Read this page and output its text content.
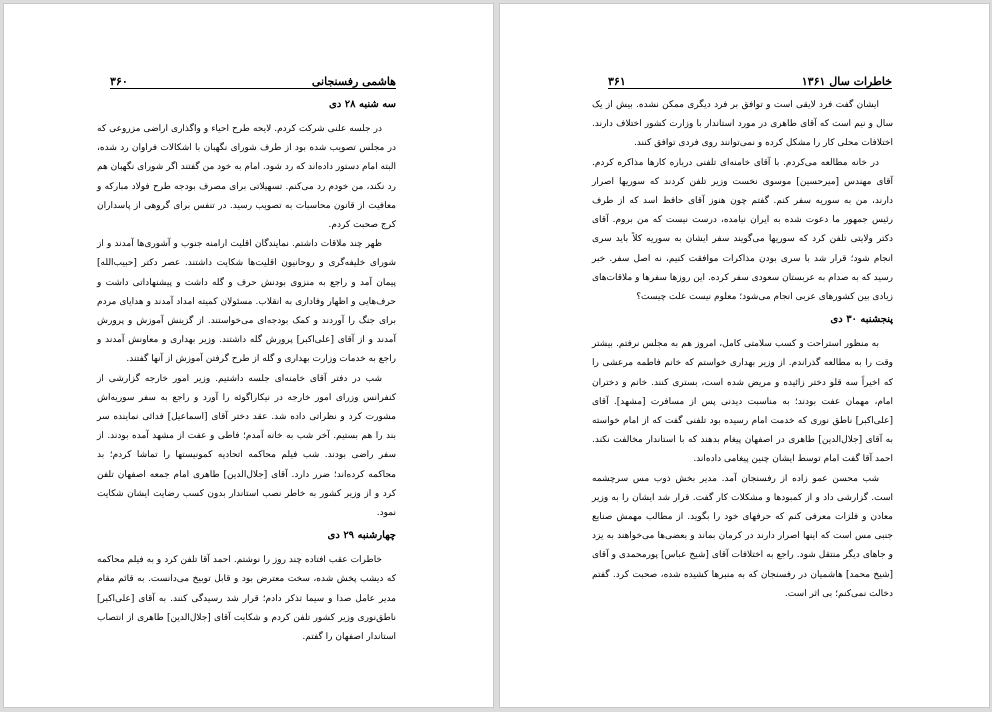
۳۶۰	هاشمی رفسنجانی
سه شنبه ۲۸ دی

در جلسه علنی شرکت کردم. لایحه طرح احیاء و واگذاری اراضی مزروعی که در مجلس تصویب شده بود از طرف شورای نگهبان با اشکالات فراوان رد شده، البته امام دستور داده‌اند که رد شود. امام به خود من گفتند اگر شورای نگهبان هم رد نکند، من خودم رد می‌کنم. تسهیلاتی برای مصرف بودجه طرح فولاد مبارکه و معافیت از قانون محاسبات به تصویب رسید. در تنفس برای گروهی از پاسداران کرج صحبت کردم.

ظهر چند ملاقات داشتم. نمایندگان اقلیت ارامنه جنوب و آشوری‌ها آمدند و از شورای خلیفه‌گری و روحانیون اقلیت‌ها شکایت داشتند. عصر دکتر [حبیب‌الله] پیمان آمد و راجع به منزوی بودنش حرف و گله داشت و پیشنهاداتی داشت و حرف‌هایی و اظهار وفاداری به انقلاب. مسئولان کمیته امداد آمدند و هدایای مردم برای جنگ را آوردند و کمک بودجه‌ای می‌خواستند. از گزینش آموزش و پرورش آمدند و از آقای [علی‌اکبر] پرورش گله داشتند. وزیر بهداری و معاونش آمدند و راجع به خدمات وزارت بهداری و گله از طرح گرفتن آموزش از آنها گفتند.

شب در دفتر آقای خامنه‌ای جلسه داشتیم. وزیر امور خارجه گزارشی از کنفرانس وزرای امور خارجه در نیکاراگوئه را آورد و راجع به سفر سوریه‌اش مشورت کرد و نظراتی داده شد. عقد دختر آقای [اسماعیل] فدائی نماینده سر بند را هم بستیم. آخر شب به خانه آمدم؛ فاطی و عفت از مشهد آمده بودند. از سفر راضی بودند. شب فیلم محاکمه اتحادیه کمونیستها را تماشا کردم؛ بد محاکمه کرده‌اند؛ ضرر دارد. آقای [جلال‌الدین] طاهری امام جمعه اصفهان تلفن کرد و از وزیر کشور به خاطر نصب استاندار بدون کسب رضایت ایشان شکایت نمود.

چهارشنبه ۲۹ دی

خاطرات عقب افتاده چند روز را نوشتم. احمد آقا تلفن کرد و به فیلم محاکمه که دیشب پخش شده، سخت معترض بود و قابل توبیخ می‌دانست. به قائم مقام مدیر عامل صدا و سیما تذکر دادم؛ قرار شد رسیدگی کنند. به آقای [علی‌اکبر] ناطق‌نوری وزیر کشور تلفن کردم و شکایت آقای [جلال‌الدین] طاهری از انتصاب استاندار اصفهان را گفتم.

۳۶۱	خاطرات سال ۱۳۶۱

ایشان گفت فرد لایقی است و توافق بر فرد دیگری ممکن نشده. بیش از یک سال و نیم است که آقای طاهری در مورد استاندار با وزارت کشور اختلاف دارند. اختلافات محلی کار را مشکل کرده و نمی‌توانند روی فردی توافق کنند.

در خانه مطالعه می‌کردم. با آقای خامنه‌ای تلفنی درباره کارها مذاکره کردم. آقای مهندس [میرحسین] موسوی نخست وزیر تلفن کردند که سوریها اصرار دارند، من به سوریه سفر کنم. گفتم چون هنوز آقای حافظ اسد که از طرف رئیس جمهور ما دعوت شده به ایران نیامده، درست نیست که من بروم. آقای دکتر ولایتی تلفن کرد که سوریها می‌گویند سفر ایشان به سوریه کلاً باید سری انجام شود؛ قرار شد با سری بودن مذاکرات موافقت کنیم، نه اصل سفر. خبر رسید که به صدام به عربستان سعودی سفر کرده. این روزها سفرها و ملاقات‌های زیادی بین کشورهای عربی انجام می‌شود؛ معلوم نیست علت چیست؟

پنجشنبه ۳۰ دی

به منظور استراحت و کسب سلامتی کامل، امروز هم به مجلس نرفتم. بیشتر وقت را به مطالعه گذراندم. از وزیر بهداری خواستم که خانم فاطمه مرعشی را که اخیراً سه قلو دختر زائیده و مریض شده است، بستری کنند. خانم و دختران امام، مهمان عفت بودند؛ به مناسبت دیدنی پس از مسافرت [مشهد]. آقای [علی‌اکبر] ناطق نوری که خدمت امام رسیده بود تلفنی گفت که از امام خواسته به آقای [جلال‌الدین] طاهری در اصفهان پیغام بدهند که با استاندار مخالفت نکند. احمد آقا گفت امام توسط ایشان چنین پیغامی داده‌اند.

شب محسن عمو زاده از رفسنجان آمد. مدیر بخش ذوب مس سرچشمه است. گزارشی داد و از کمبودها و مشکلات کار گفت. قرار شد ایشان را به وزیر معادن و فلزات معرفی کنم که حرفهای خود را بگوید. از مطالب مهمش صنایع جنبی مس است که اینها اصرار دارند در کرمان بماند و بعضی‌ها می‌خواهند به یزد و جاهای دیگر منتقل شود. راجع به اختلافات آقای [شیخ عباس] پورمحمدی و آقای [شیخ محمد] هاشمیان در رفسنجان که به منبرها کشیده شده، صحبت کرد. گفتم دخالت نمی‌کنم؛ بی اثر است.
